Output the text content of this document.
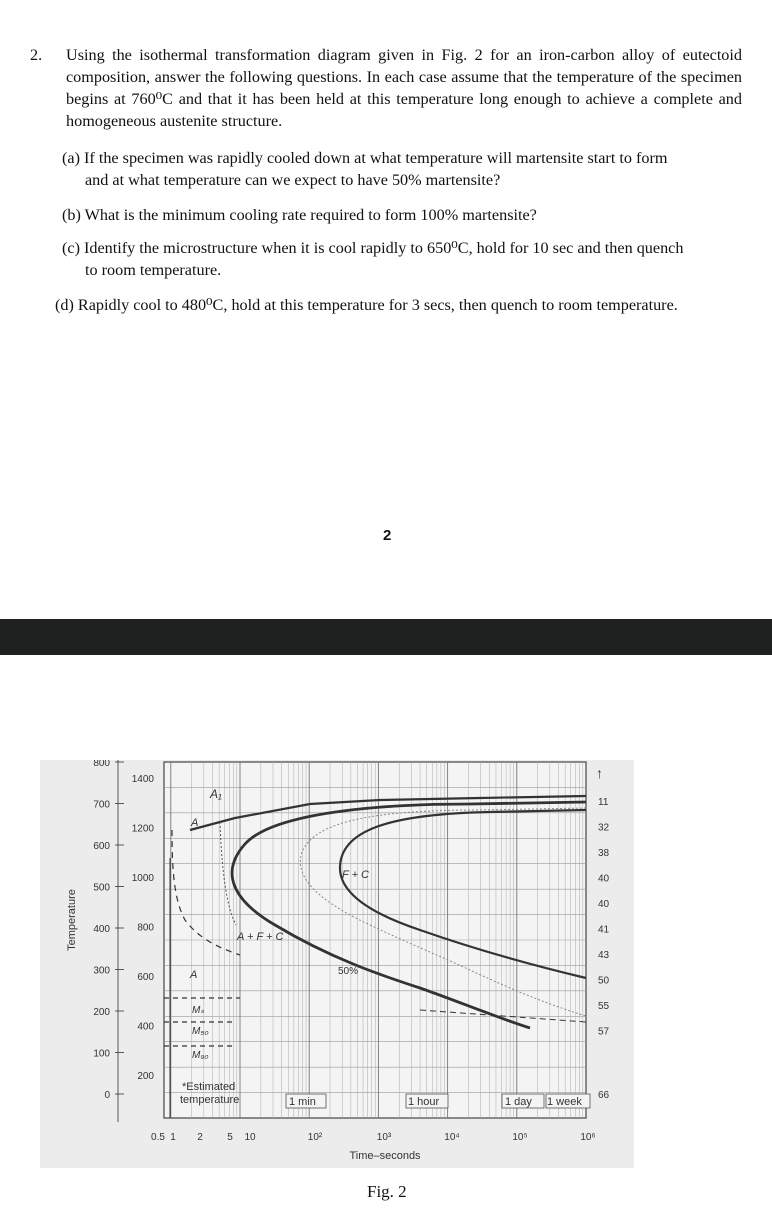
2. Using the isothermal transformation diagram given in Fig. 2 for an iron-carbon alloy of eutectoid composition, answer the following questions. In each case assume that the temperature of the specimen begins at 760⁰C and that it has been held at this temperature long enough to achieve a complete and homogeneous austenite structure.
(a) If the specimen was rapidly cooled down at what temperature will martensite start to form
and at what temperature can we expect to have 50% martensite?
(b) What is the minimum cooling rate required to form 100% martensite?
(c) Identify the microstructure when it is cool rapidly to 650⁰C, hold for 10 sec and then quench
to room temperature.
(d) Rapidly cool to 480⁰C, hold at this temperature for 3 secs, then quench to room temperature.
2
A₁
A
A
F + C
A + F + C
50%
Mₛ
M₅₀
M₉₀
*Estimated
temperature	1 min	1 hour	1 day 1 week
Temperature
Time–seconds
800
700
600
500
400
300
200
100
0
1400
1200
1000
800
600
400
200
11
32
38
40
40
41
43
50
55
57
66
0.5 1 2 5 10	10²	10³	10⁴	10⁵	10⁶
↑
Fig. 2
